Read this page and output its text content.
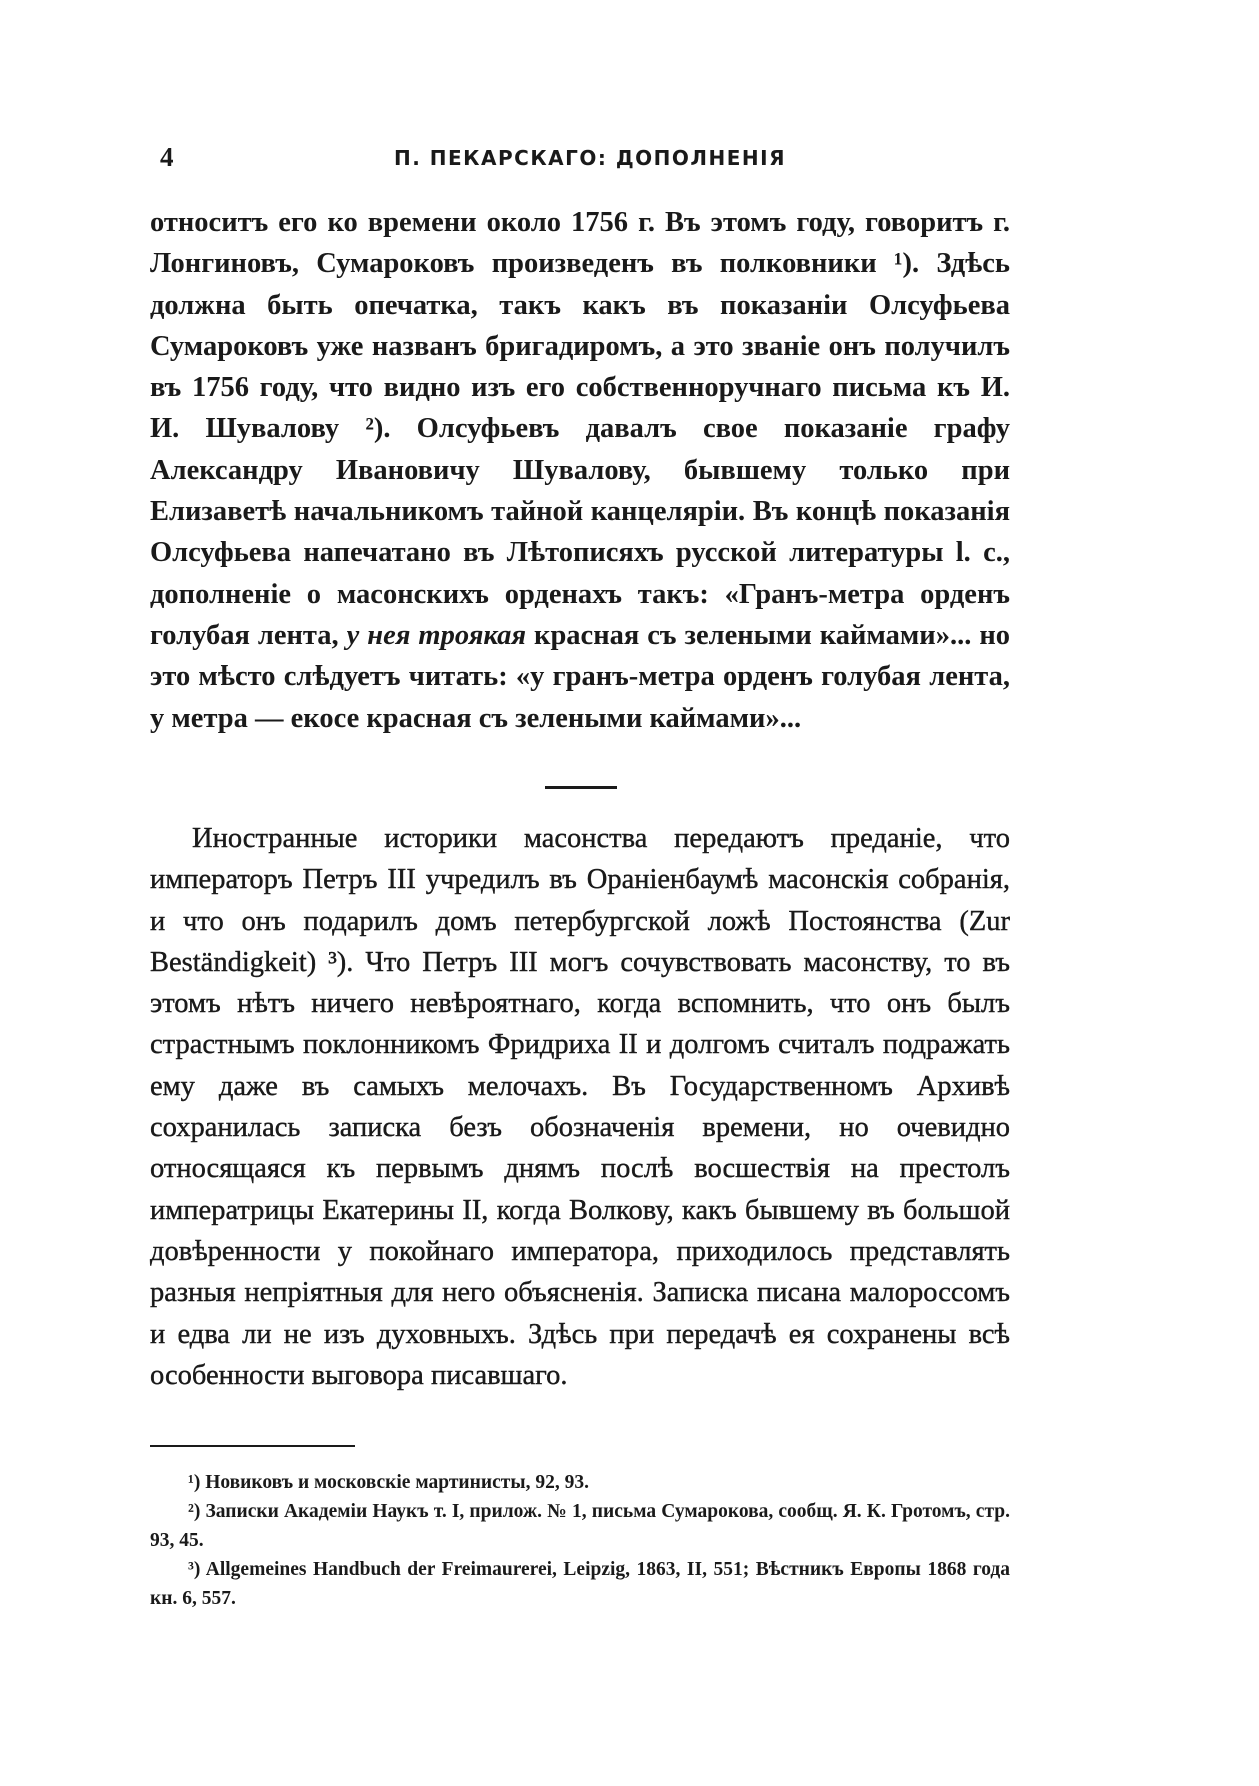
4	П. ПЕКАРСКАГО: ДОПОЛНЕНІЯ

относитъ его ко времени около 1756 г. Въ этомъ году, говоритъ г. Лонгиновъ, Сумароковъ произведенъ въ полковники ¹). Здѣсь должна быть опечатка, такъ какъ въ показаніи Олсуфьева Сумароковъ уже названъ бригадиромъ, а это званіе онъ получилъ въ 1756 году, что видно изъ его собственноручнаго письма къ И. И. Шувалову ²). Олсуфьевъ давалъ свое показаніе графу Александру Ивановичу Шувалову, бывшему только при Елизаветѣ начальникомъ тайной канцеляріи. Въ концѣ показанія Олсуфьева напечатано въ Лѣтописяхъ русской литературы l. c., дополненіе о масонскихъ орденахъ такъ: «Гранъ-метра орденъ голубая лента, у нея троякая красная съ зелеными каймами»... но это мѣсто слѣдуетъ читать: «у гранъ-метра орденъ голубая лента, у метра — екосе красная съ зелеными каймами»...

Иностранные историки масонства передаютъ преданіе, что императоръ Петръ III учредилъ въ Ораніенбаумѣ масонскія собранія, и что онъ подарилъ домъ петербургской ложѣ Постоянства (Zur Beständigkeit) ³). Что Петръ III могъ сочувствовать масонству, то въ этомъ нѣтъ ничего невѣроятнаго, когда вспомнить, что онъ былъ страстнымъ поклонникомъ Фридриха II и долгомъ считалъ подражать ему даже въ самыхъ мелочахъ. Въ Государственномъ Архивѣ сохранилась записка безъ обозначенія времени, но очевидно относящаяся къ первымъ днямъ послѣ восшествія на престолъ императрицы Екатерины II, когда Волкову, какъ бывшему въ большой довѣренности у покойнаго императора, приходилось представлять разныя непріятныя для него объясненія. Записка писана малороссомъ и едва ли не изъ духовныхъ. Здѣсь при передачѣ ея сохранены всѣ особенности выговора писавшаго.

¹) Новиковъ и московскіе мартинисты, 92, 93.

²) Записки Академіи Наукъ т. I, прилож. № 1, письма Сумарокова, сообщ. Я. К. Гротомъ, стр. 93, 45.

³) Allgemeines Handbuch der Freimaurerei, Leipzig, 1863, II, 551; Вѣстникъ Европы 1868 года кн. 6, 557.
